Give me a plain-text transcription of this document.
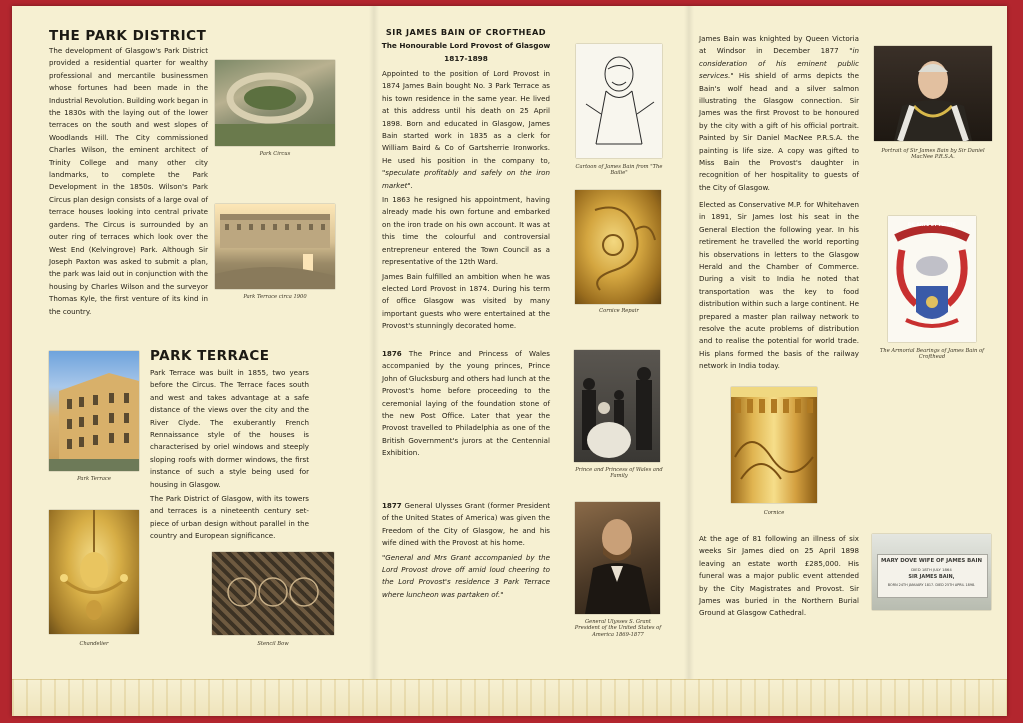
THE PARK DISTRICT

The development of Glasgow's Park District provided a residential quarter for wealthy professional and mercantile businessmen whose fortunes had been made in the Industrial Revolution. Building work began in the 1830s with the laying out of the lower terraces on the south and west slopes of Woodlands Hill. The City commissioned Charles Wilson, the eminent architect of Trinity College and many other city landmarks, to complete the Park Development in the 1850s. Wilson's Park Circus plan design consists of a large oval of terrace houses looking into central private gardens. The Circus is surrounded by an outer ring of terraces which look over the West End (Kelvingrove) Park. Although Sir Joseph Paxton was asked to submit a plan, the park was laid out in conjunction with the housing by Charles Wilson and the surveyor Thomas Kyle, the first venture of its kind in the country.

Park Circus
Park Terrace circa 1900
Park Terrace
PARK TERRACE

Park Terrace was built in 1855, two years before the Circus. The Terrace faces south and west and takes advantage at a safe distance of the views over the city and the River Clyde. The exuberantly French Rennaissance style of the houses is characterised by oriel windows and steeply sloping roofs with dormer windows, the first instance of such a style being used for housing in Glasgow.

The Park District of Glasgow, with its towers and terraces is a nineteenth century set-piece of urban design without parallel in the country and European significance.

Chandelier	Stencil Bow
SIR JAMES BAIN OF CROFTHEAD
The Honourable Lord Provost of Glasgow
1817-1898

Appointed to the position of Lord Provost in 1874 James Bain bought No. 3 Park Terrace as his town residence in the same year. He lived at this address until his death on 25 April 1898. Born and educated in Glasgow, James Bain started work in 1835 as a clerk for William Baird & Co of Gartsherrie Ironworks. He used his position in the company to, "speculate profitably and safely on the iron market".

In 1863 he resigned his appointment, having already made his own fortune and embarked on the iron trade on his own account. It was at this time the colourful and controversial entrepreneur entered the Town Council as a representative of the 12th Ward.

James Bain fulfilled an ambition when he was elected Lord Provost in 1874. During his term of office Glasgow was visited by many important guests who were entertained at the Provost's stunningly decorated home.

1876 The Prince and Princess of Wales accompanied by the young princes, Prince John of Glucksburg and others had lunch at the Provost's home before proceeding to the ceremonial laying of the foundation stone of the new Post Office. Later that year the Provost travelled to Philadelphia as one of the British Government's jurors at the Centennial Exhibition.

1877 General Ulysses Grant (former President of the United States of America) was given the Freedom of the City of Glasgow, he and his wife dined with the Provost at his home.

"General and Mrs Grant accompanied by the Lord Provost drove off amid loud cheering to the Lord Provost's residence 3 Park Terrace where luncheon was partaken of."

Cartoon of James Bain from "The Bailie"
Cornice Repair
Prince and Princess of Wales and Family
General Ulysses S. Grant President of the United States of America 1869-1877

James Bain was knighted by Queen Victoria at Windsor in December 1877 "in consideration of his eminent public services." His shield of arms depicts the Bain's wolf head and a silver salmon illustrating the Glasgow connection. Sir James was the first Provost to be honoured by the city with a gift of his official portrait. Painted by Sir Daniel MacNee P.R.S.A. the painting is life size. A copy was gifted to Miss Bain the Provost's daughter in recognition of her hospitality to guests of the City of Glasgow.

Elected as Conservative M.P. for Whitehaven in 1891, Sir James lost his seat in the General Election the following year. In his retirement he travelled the world reporting his observations in letters to the Glasgow Herald and the Chamber of Commerce. During a visit to India he noted that transportation was the key to food distribution within such a large continent. He prepared a master plan railway network to resolve the acute problems of distribution and to realise the potential for world trade. His plans formed the basis of the railway network in India today.

At the age of 81 following an illness of six weeks Sir James died on 25 April 1898 leaving an estate worth £285,000. His funeral was a major public event attended by the City Magistrates and Provost. Sir James was buried in the Northern Burial Ground at Glasgow Cathedral.

Portrait of Sir James Bain by Sir Daniel MacNee P.R.S.A.
DE ARTE ET MARTE
The Armorial Bearings of James Bain of Crofthead
Cornice
MARY DOVE WIFE OF JAMES BAIN
DIED 18TH JULY 1864
SIR JAMES BAIN,
BORN 24TH JANUARY 1817. DIED 25TH APRIL 1898.
